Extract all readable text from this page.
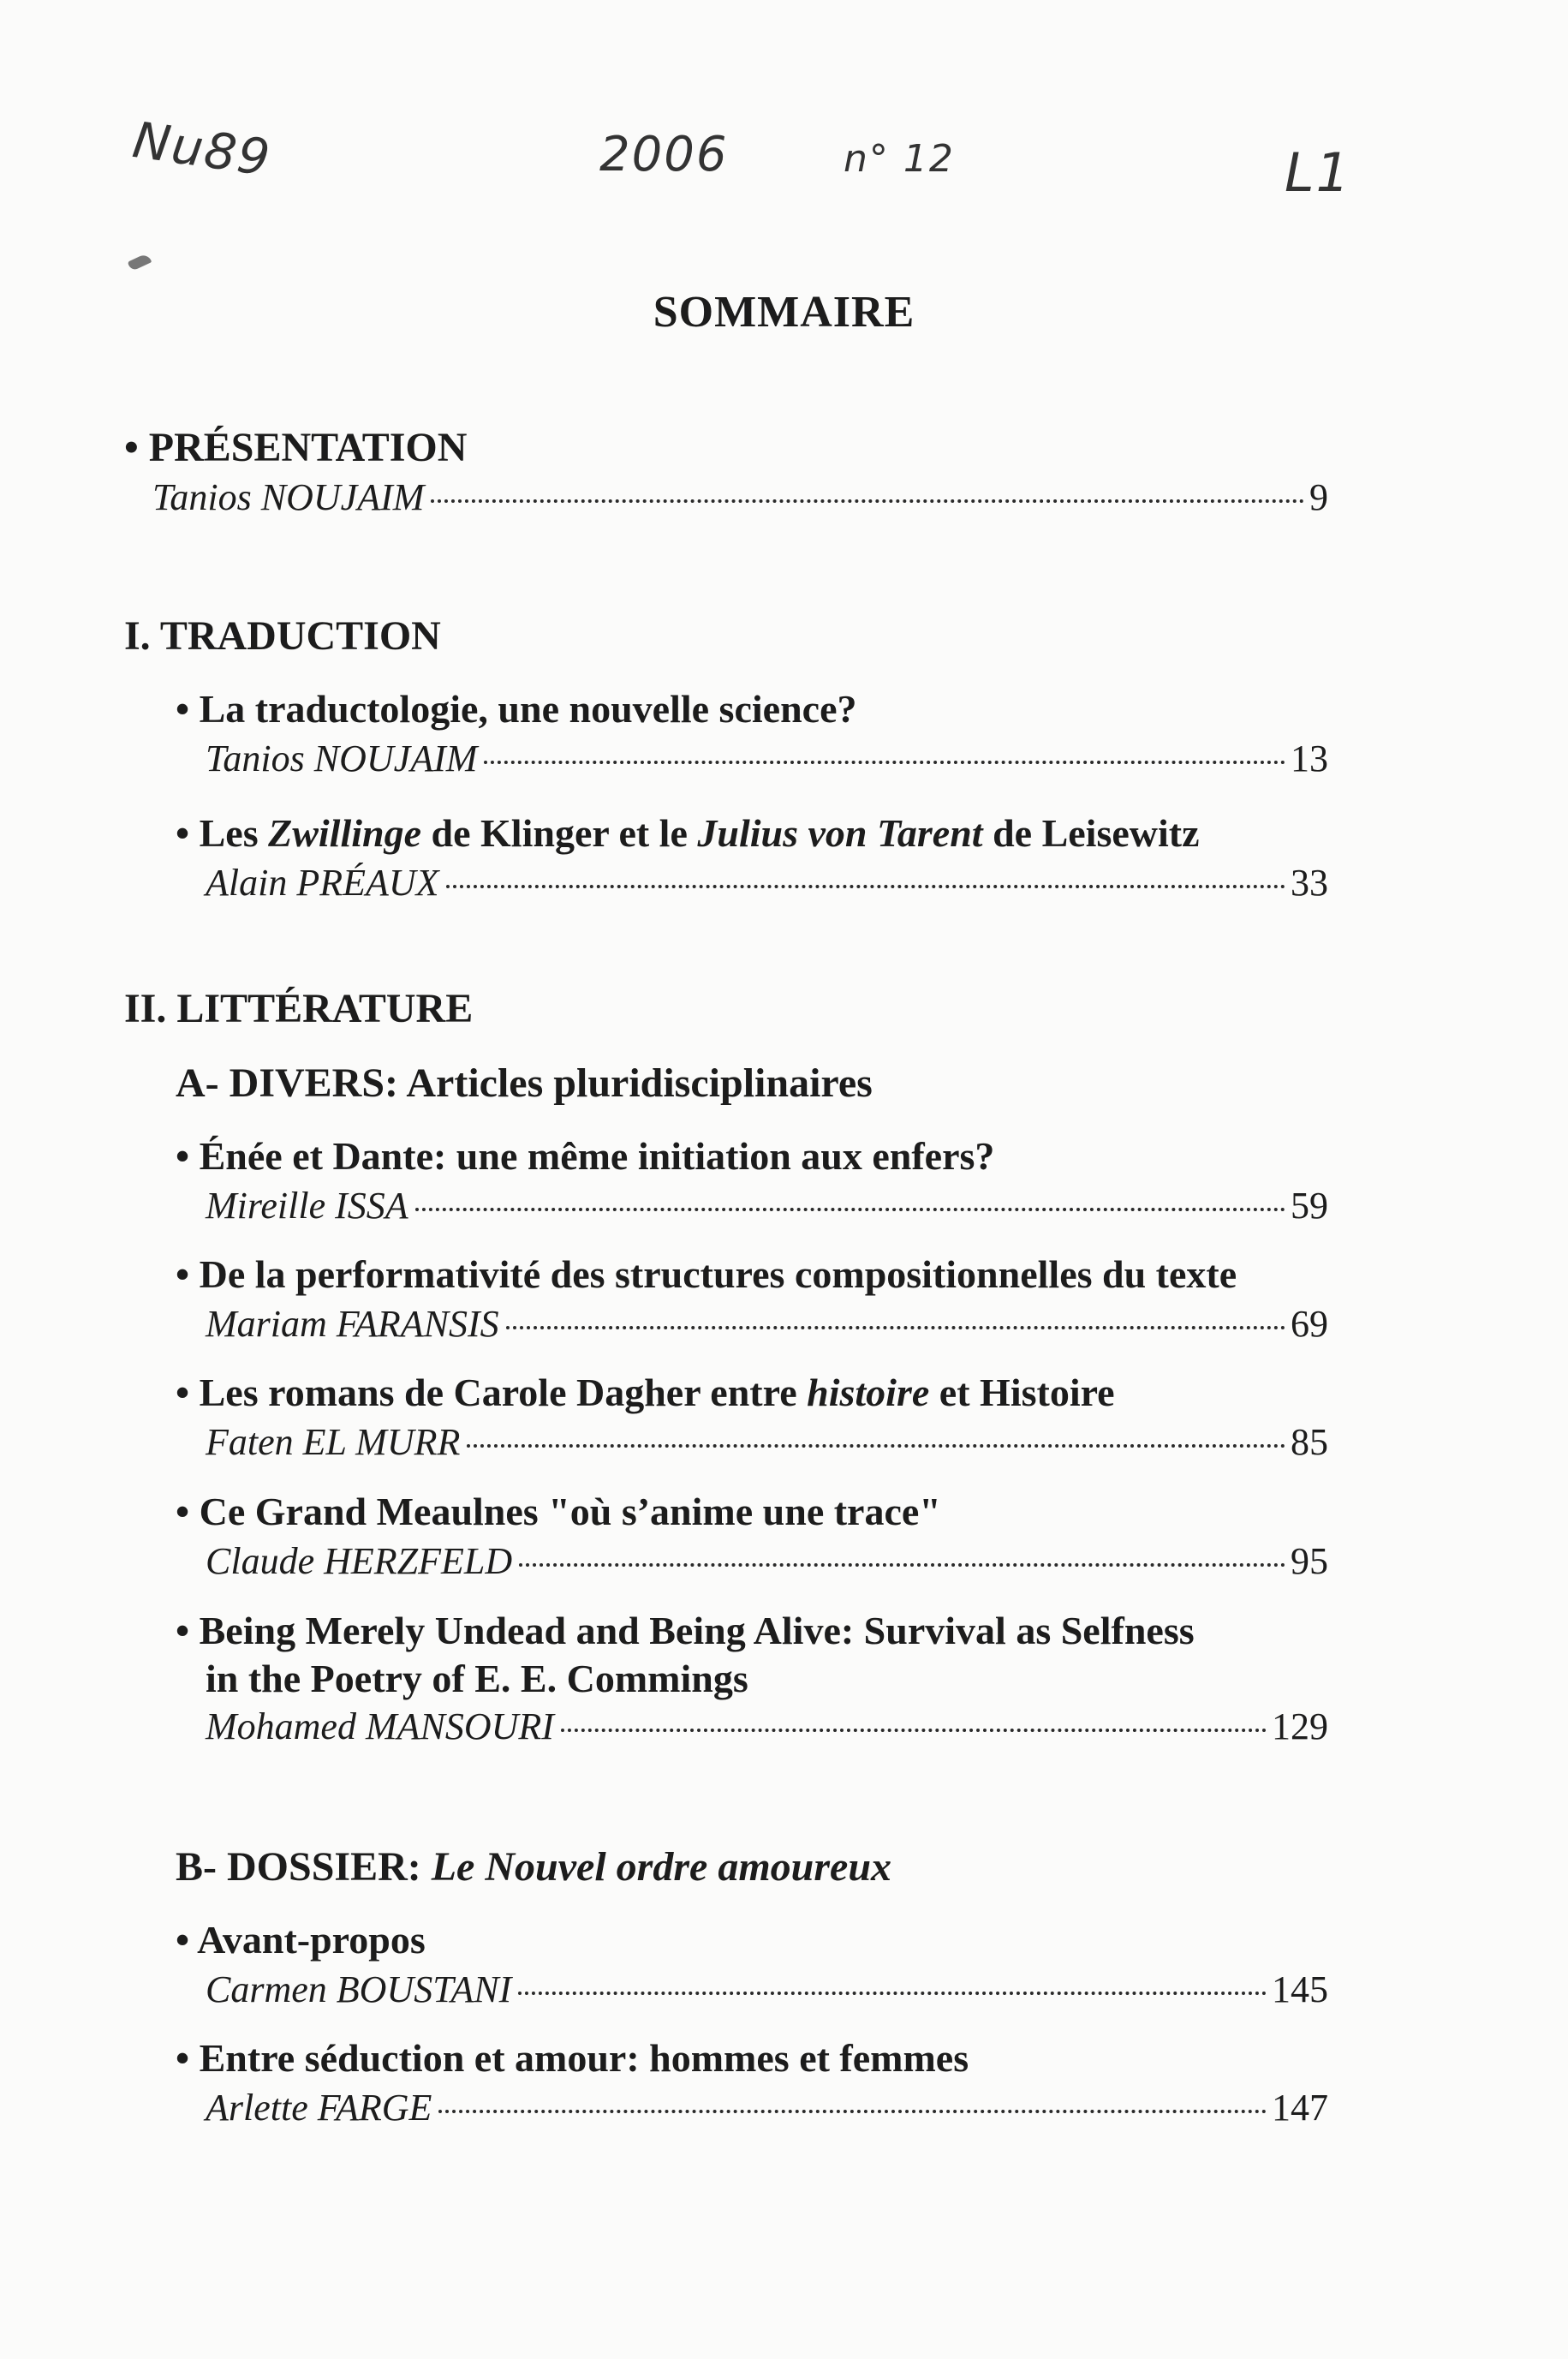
Nu89	2006	n° 12	L1
SOMMAIRE
• PRÉSENTATION
Tanios NOUJAIM	9
I. TRADUCTION
• La traductologie, une nouvelle science?
Tanios NOUJAIM	13
• Les Zwillinge de Klinger et le Julius von Tarent de Leisewitz
Alain PRÉAUX	33
II. LITTÉRATURE
A- DIVERS: Articles pluridisciplinaires
• Énée et Dante: une même initiation aux enfers?
Mireille ISSA	59
• De la performativité des structures compositionnelles du texte
Mariam FARANSIS	69
• Les romans de Carole Dagher entre histoire et Histoire
Faten EL MURR	85
• Ce Grand Meaulnes "où s’anime une trace"
Claude HERZFELD	95
• Being Merely Undead and Being Alive: Survival as Selfness
in the Poetry of E. E. Commings
Mohamed MANSOURI	129
B- DOSSIER: Le Nouvel ordre amoureux
• Avant-propos
Carmen BOUSTANI	145
• Entre séduction et amour: hommes et femmes
Arlette FARGE	147
